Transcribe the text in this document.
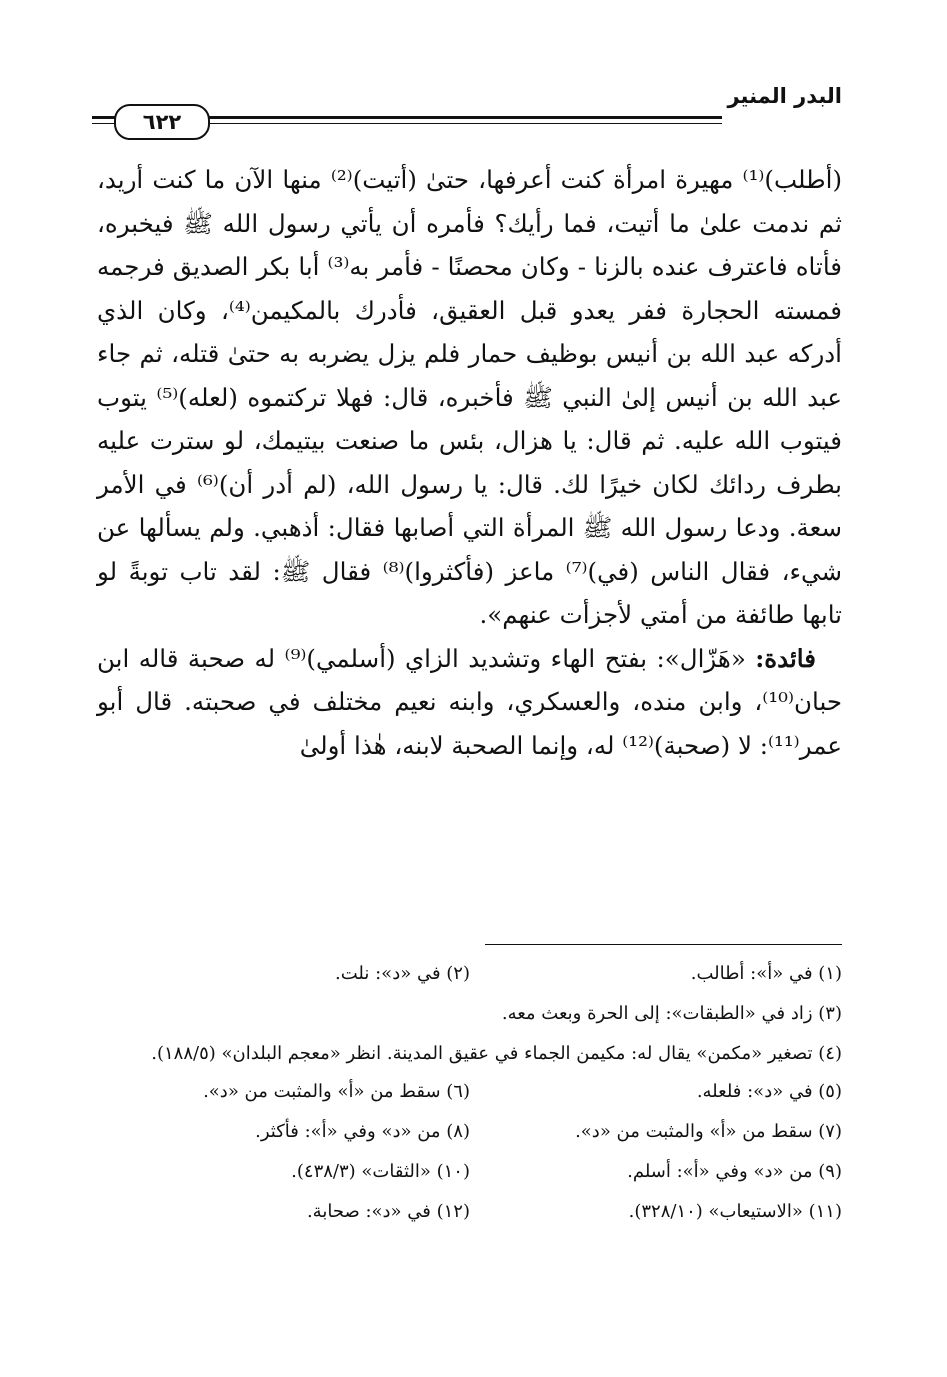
البدر المنير
٦٢٢

(أطلب)⁽¹⁾ مهيرة امرأة كنت أعرفها، حتىٰ (أتيت)⁽²⁾ منها الآن ما كنت أريد، ثم ندمت علىٰ ما أتيت، فما رأيك؟ فأمره أن يأتي رسول الله ﷺ فيخبره، فأتاه فاعترف عنده بالزنا - وكان محصنًا - فأمر به⁽³⁾ أبا بكر الصديق فرجمه فمسته الحجارة ففر يعدو قبل العقيق، فأدرك بالمكيمن⁽⁴⁾، وكان الذي أدركه عبد الله بن أنيس بوظيف حمار فلم يزل يضربه به حتىٰ قتله، ثم جاء عبد الله بن أنيس إلىٰ النبي ﷺ فأخبره، قال: فهلا تركتموه (لعله)⁽⁵⁾ يتوب فيتوب الله عليه. ثم قال: يا هزال، بئس ما صنعت بيتيمك، لو سترت عليه بطرف ردائك لكان خيرًا لك. قال: يا رسول الله، (لم أدر أن)⁽⁶⁾ في الأمر سعة. ودعا رسول الله ﷺ المرأة التي أصابها فقال: أذهبي. ولم يسألها عن شيء، فقال الناس (في)⁽⁷⁾ ماعز (فأكثروا)⁽⁸⁾ فقال ﷺ: لقد تاب توبةً لو تابها طائفة من أمتي لأجزأت عنهم».

فائدة: «هَزّال»: بفتح الهاء وتشديد الزاي (أسلمي)⁽⁹⁾ له صحبة قاله ابن حبان⁽¹⁰⁾، وابن منده، والعسكري، وابنه نعيم مختلف في صحبته. قال أبو عمر⁽¹¹⁾: لا (صحبة)⁽¹²⁾ له، وإنما الصحبة لابنه، هٰذا أولىٰ

(١) في «أ»: أطالب.
(٢) في «د»: نلت.
(٣) زاد في «الطبقات»: إلى الحرة وبعث معه.
(٤) تصغير «مكمن» يقال له: مكيمن الجماء في عقيق المدينة. انظر «معجم البلدان» (١٨٨/٥).
(٥) في «د»: فلعله.
(٦) سقط من «أ» والمثبت من «د».
(٧) سقط من «أ» والمثبت من «د».
(٨) من «د» وفي «أ»: فأكثر.
(٩) من «د» وفي «أ»: أسلم.
(١٠) «الثقات» (٤٣٨/٣).
(١١) «الاستيعاب» (٣٢٨/١٠).
(١٢) في «د»: صحابة.
